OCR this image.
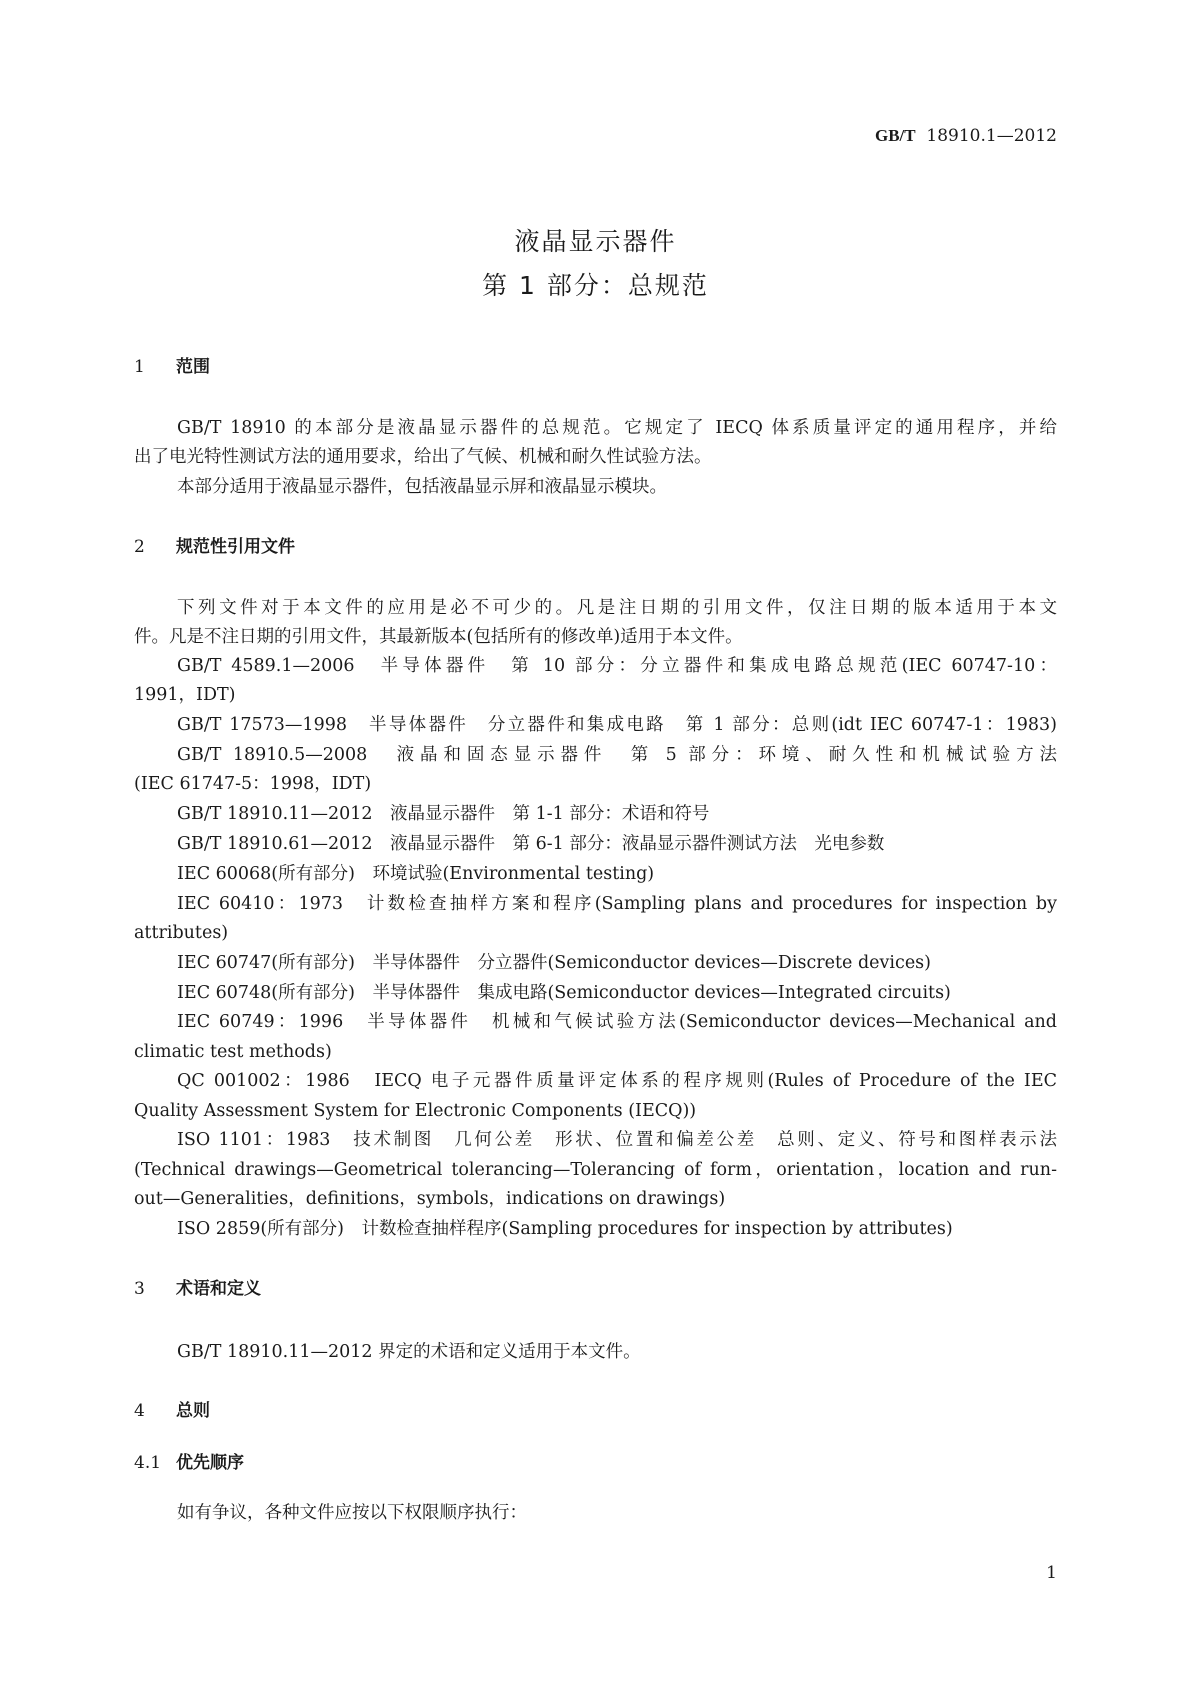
GB/T 18910.1—2012
液晶显示器件
第 1 部分：总规范
1 范围
GB/T 18910 的本部分是液晶显示器件的总规范。它规定了 IECQ 体系质量评定的通用程序，并给
出了电光特性测试方法的通用要求，给出了气候、机械和耐久性试验方法。
本部分适用于液晶显示器件，包括液晶显示屏和液晶显示模块。
2 规范性引用文件
下列文件对于本文件的应用是必不可少的。凡是注日期的引用文件，仅注日期的版本适用于本文
件。凡是不注日期的引用文件，其最新版本(包括所有的修改单)适用于本文件。
GB/T 4589.1—2006　半导体器件　第 10 部分：分立器件和集成电路总规范(IEC 60747-10：
1991，IDT)
GB/T 17573—1998　半导体器件　分立器件和集成电路　第 1 部分：总则(idt IEC 60747-1：1983)
GB/T 18910.5—2008　液晶和固态显示器件　第 5 部分：环境、耐久性和机械试验方法
(IEC 61747-5：1998，IDT)
GB/T 18910.11—2012　液晶显示器件　第 1-1 部分：术语和符号
GB/T 18910.61—2012　液晶显示器件　第 6-1 部分：液晶显示器件测试方法　光电参数
IEC 60068(所有部分)　环境试验(Environmental testing)
IEC 60410：1973　计数检查抽样方案和程序(Sampling plans and procedures for inspection by
attributes)
IEC 60747(所有部分)　半导体器件　分立器件(Semiconductor devices—Discrete devices)
IEC 60748(所有部分)　半导体器件　集成电路(Semiconductor devices—Integrated circuits)
IEC 60749：1996　半导体器件　机械和气候试验方法(Semiconductor devices—Mechanical and
climatic test methods)
QC 001002：1986　IECQ 电子元器件质量评定体系的程序规则(Rules of Procedure of the IEC
Quality Assessment System for Electronic Components (IECQ))
ISO 1101：1983　技术制图　几何公差　形状、位置和偏差公差　总则、定义、符号和图样表示法
(Technical drawings—Geometrical tolerancing—Tolerancing of form，orientation，location and run-
out—Generalities，definitions，symbols，indications on drawings)
ISO 2859(所有部分)　计数检查抽样程序(Sampling procedures for inspection by attributes)
3 术语和定义
GB/T 18910.11—2012 界定的术语和定义适用于本文件。
4 总则
4.1 优先顺序
如有争议，各种文件应按以下权限顺序执行：
1
